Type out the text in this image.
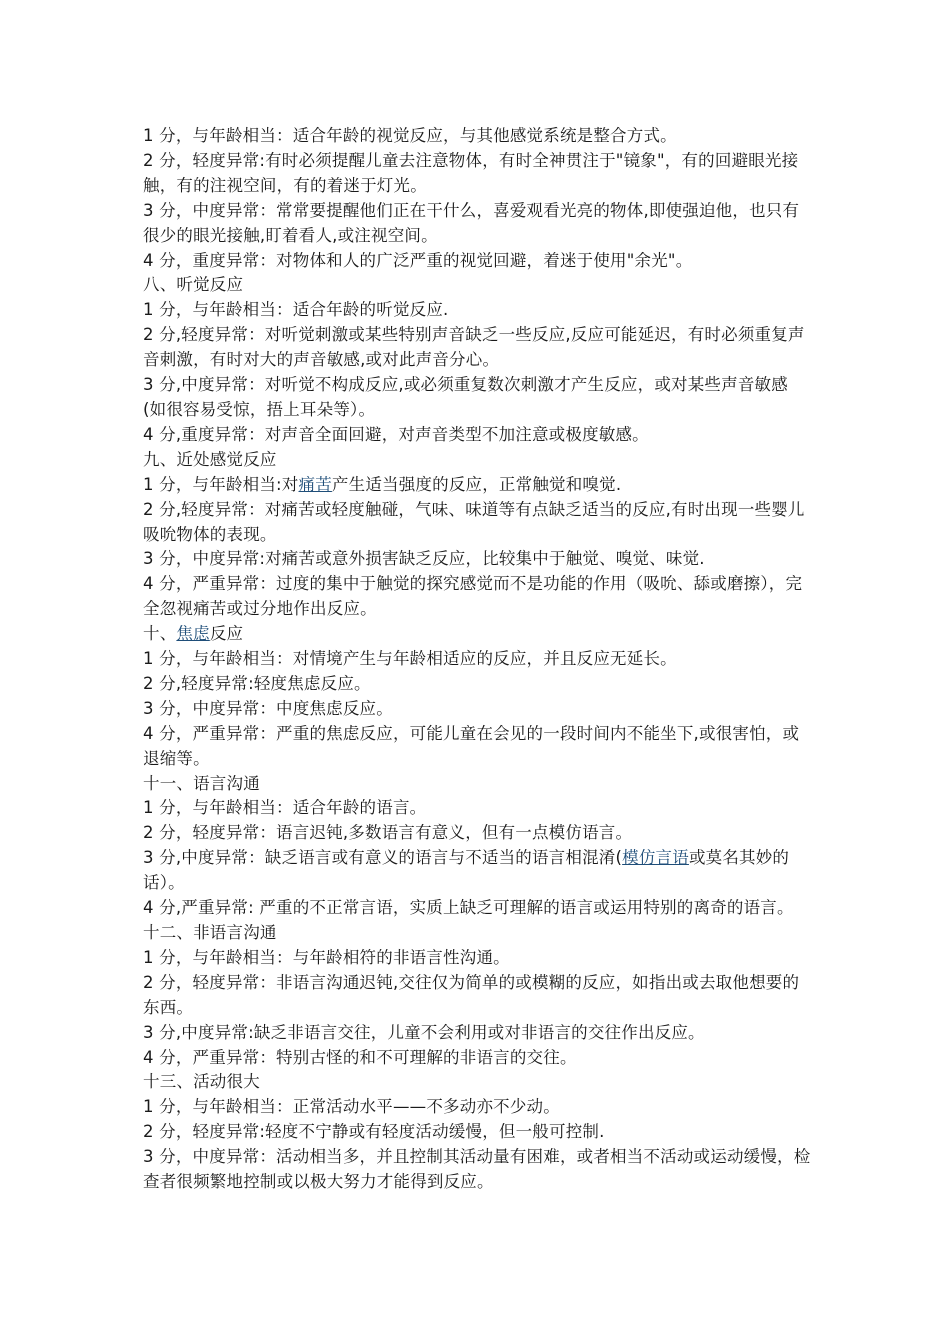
1 分，与年龄相当：适合年龄的视觉反应，与其他感觉系统是整合方式。

2 分，轻度异常:有时必须提醒儿童去注意物体，有时全神贯注于"镜象"，有的回避眼光接触，有的注视空间，有的着迷于灯光。

3 分，中度异常：常常要提醒他们正在干什么，喜爱观看光亮的物体,即使强迫他，也只有很少的眼光接触,盯着看人,或注视空间。

4 分，重度异常：对物体和人的广泛严重的视觉回避，着迷于使用"余光"。

八、听觉反应

1 分，与年龄相当：适合年龄的听觉反应.

2 分,轻度异常：对听觉刺激或某些特别声音缺乏一些反应,反应可能延迟，有时必须重复声音刺激，有时对大的声音敏感,或对此声音分心。

3 分,中度异常：对听觉不构成反应,或必须重复数次刺激才产生反应，或对某些声音敏感(如很容易受惊，捂上耳朵等）。

4 分,重度异常：对声音全面回避，对声音类型不加注意或极度敏感。

九、近处感觉反应

1 分，与年龄相当:对痛苦产生适当强度的反应，正常触觉和嗅觉.

2 分,轻度异常：对痛苦或轻度触碰，气味、味道等有点缺乏适当的反应,有时出现一些婴儿吸吮物体的表现。

3 分，中度异常:对痛苦或意外损害缺乏反应，比较集中于触觉、嗅觉、味觉.

4 分，严重异常：过度的集中于触觉的探究感觉而不是功能的作用（吸吮、舔或磨擦），完全忽视痛苦或过分地作出反应。

十、焦虑反应

1 分，与年龄相当：对情境产生与年龄相适应的反应，并且反应无延长。

2 分,轻度异常:轻度焦虑反应。

3 分，中度异常：中度焦虑反应。

4 分，严重异常：严重的焦虑反应，可能儿童在会见的一段时间内不能坐下,或很害怕，或退缩等。

十一、语言沟通

1 分，与年龄相当：适合年龄的语言。

2 分，轻度异常：语言迟钝,多数语言有意义，但有一点模仿语言。

3 分,中度异常：缺乏语言或有意义的语言与不适当的语言相混淆(模仿言语或莫名其妙的话）。

4 分,严重异常: 严重的不正常言语，实质上缺乏可理解的语言或运用特别的离奇的语言。

十二、非语言沟通

1 分，与年龄相当：与年龄相符的非语言性沟通。

2 分，轻度异常：非语言沟通迟钝,交往仅为简单的或模糊的反应，如指出或去取他想要的东西。

3 分,中度异常:缺乏非语言交往，儿童不会利用或对非语言的交往作出反应。

4 分，严重异常：特别古怪的和不可理解的非语言的交往。

十三、活动很大

1 分，与年龄相当：正常活动水平——不多动亦不少动。

2 分，轻度异常:轻度不宁静或有轻度活动缓慢，但一般可控制.

3 分，中度异常：活动相当多，并且控制其活动量有困难，或者相当不活动或运动缓慢，检查者很频繁地控制或以极大努力才能得到反应。
